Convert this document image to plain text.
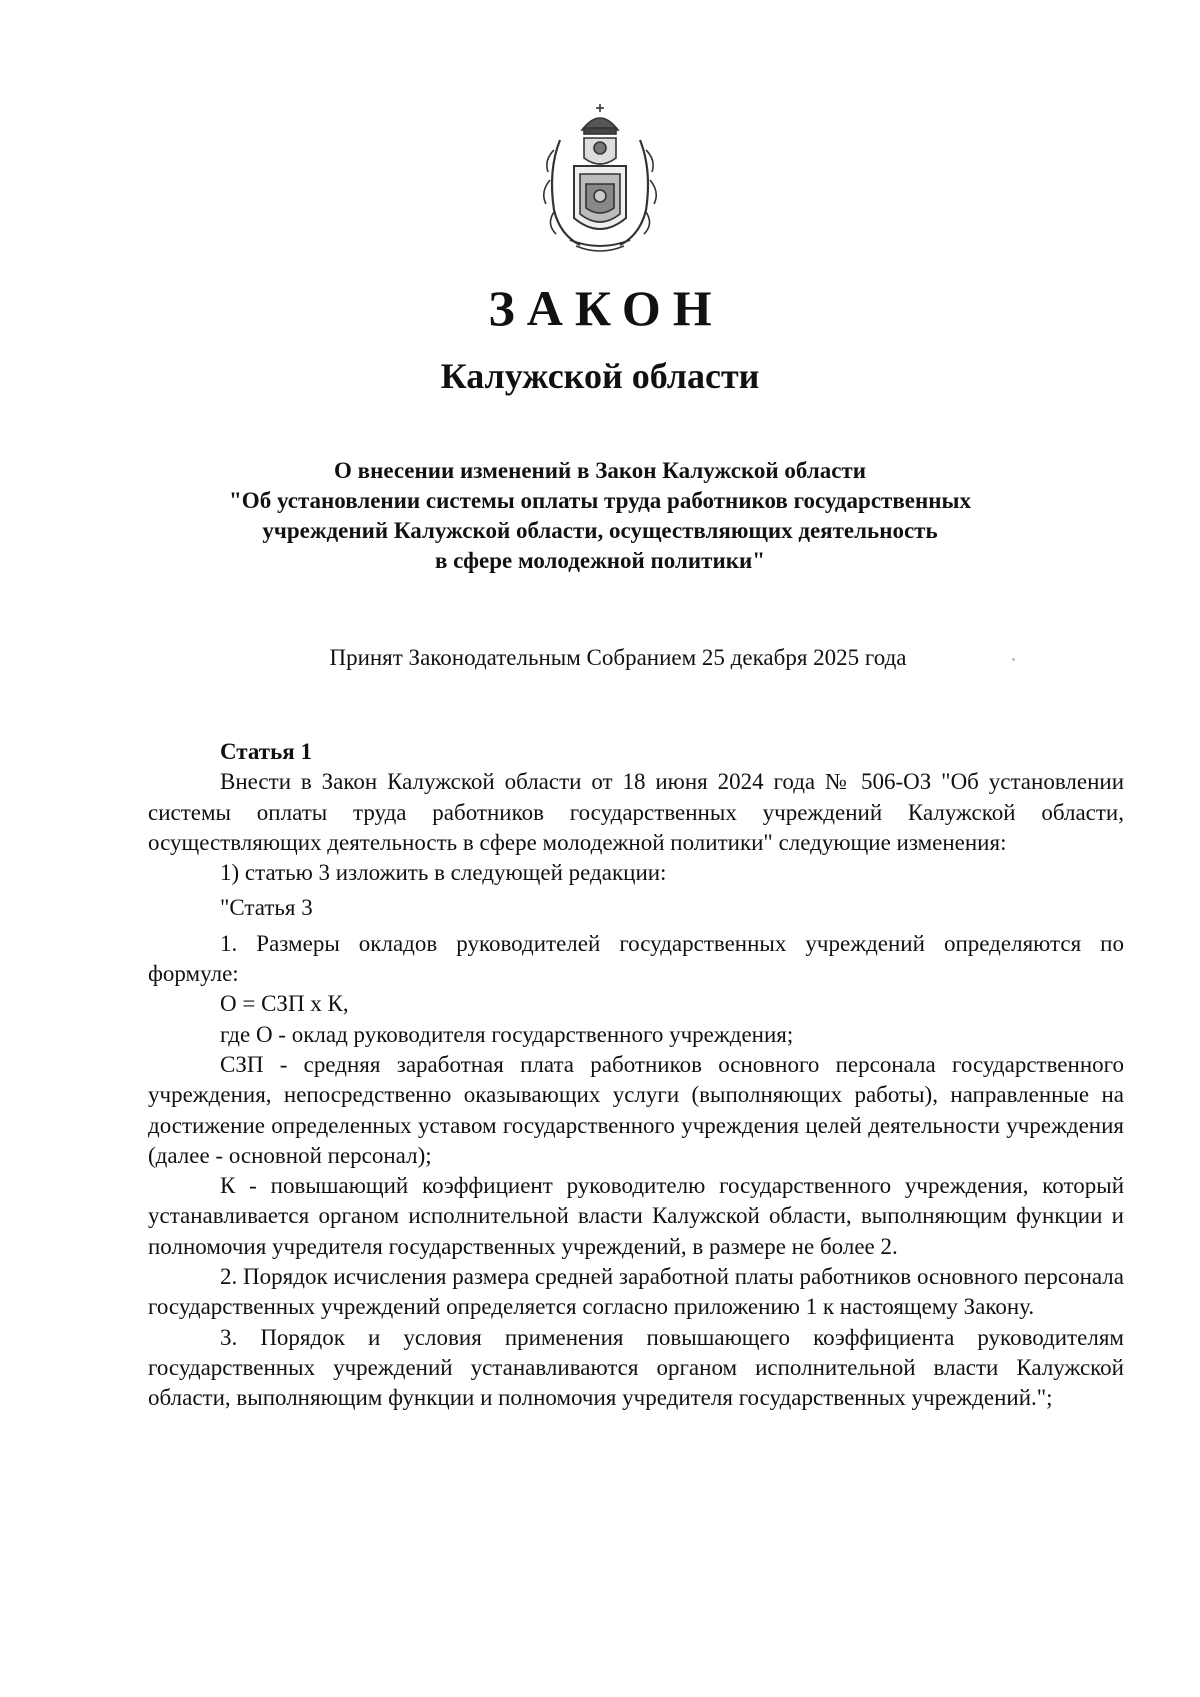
ЗАКОН
Калужской области
О внесении изменений в Закон Калужской области
"Об установлении системы оплаты труда работников государственных
учреждений Калужской области, осуществляющих деятельность
в сфере молодежной политики"
Принят Законодательным Собранием 25 декабря 2025 года

Статья 1

Внести в Закон Калужской области от 18 июня 2024 года № 506-ОЗ "Об установлении системы оплаты труда работников государственных учреждений Калужской области, осуществляющих деятельность в сфере молодежной политики" следующие изменения:

1) статью 3 изложить в следующей редакции:

"Статья 3

1. Размеры окладов руководителей государственных учреждений определяются по формуле:

О = СЗП х К,

где О - оклад руководителя государственного учреждения;

СЗП - средняя заработная плата работников основного персонала государственного учреждения, непосредственно оказывающих услуги (выполняющих работы), направленные на достижение определенных уставом государственного учреждения целей деятельности учреждения (далее - основной персонал);

К - повышающий коэффициент руководителю государственного учреждения, который устанавливается органом исполнительной власти Калужской области, выполняющим функции и полномочия учредителя государственных учреждений, в размере не более 2.

2. Порядок исчисления размера средней заработной платы работников основного персонала государственных учреждений определяется согласно приложению 1 к настоящему Закону.

3. Порядок и условия применения повышающего коэффициента руководителям государственных учреждений устанавливаются органом исполнительной власти Калужской области, выполняющим функции и полномочия учредителя государственных учреждений.";
